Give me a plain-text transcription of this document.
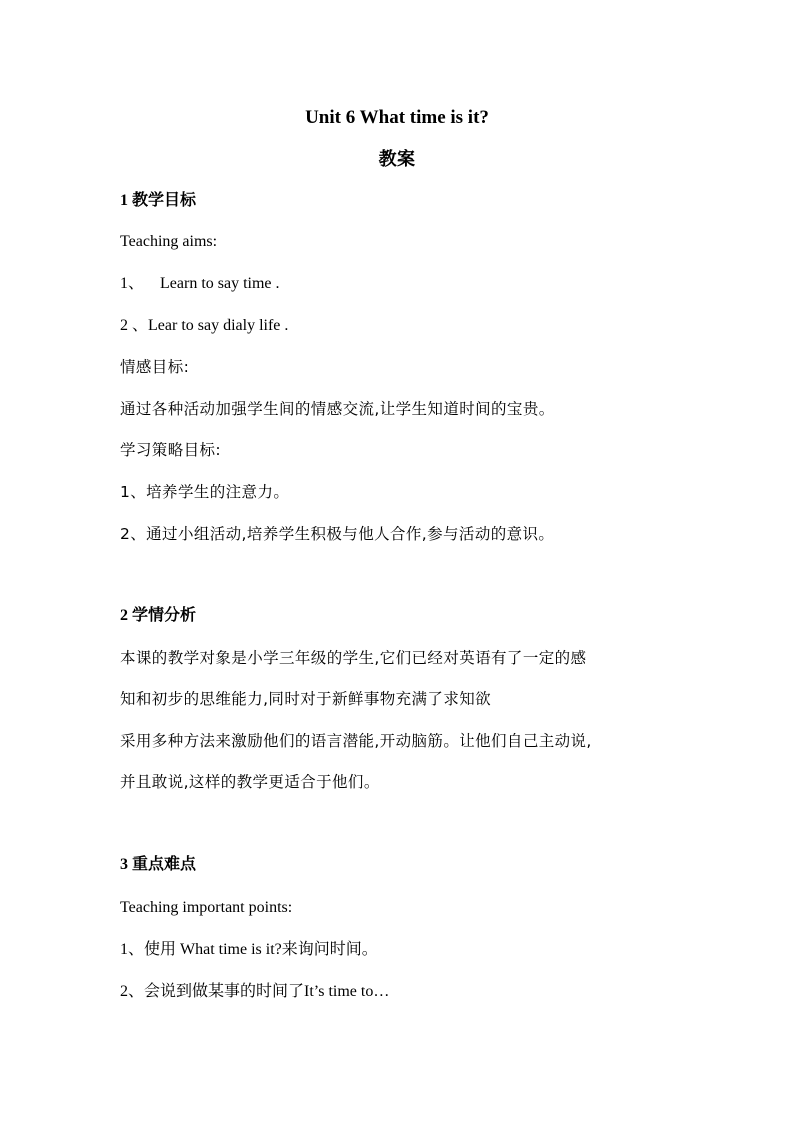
Unit 6 What time is it?
教案
1 教学目标
Teaching aims:
1、 Learn to say time .
2 、Lear to say dialy life .
情感目标:
通过各种活动加强学生间的情感交流,让学生知道时间的宝贵。
学习策略目标:
1、培养学生的注意力。
2、通过小组活动,培养学生积极与他人合作,参与活动的意识。
2 学情分析
本课的教学对象是小学三年级的学生,它们已经对英语有了一定的感
知和初步的思维能力,同时对于新鲜事物充满了求知欲
采用多种方法来激励他们的语言潜能,开动脑筋。让他们自己主动说,
并且敢说,这样的教学更适合于他们。
3 重点难点
Teaching important points:
1、使用 What time is it?来询问时间。
2、会说到做某事的时间了It’s time to…
